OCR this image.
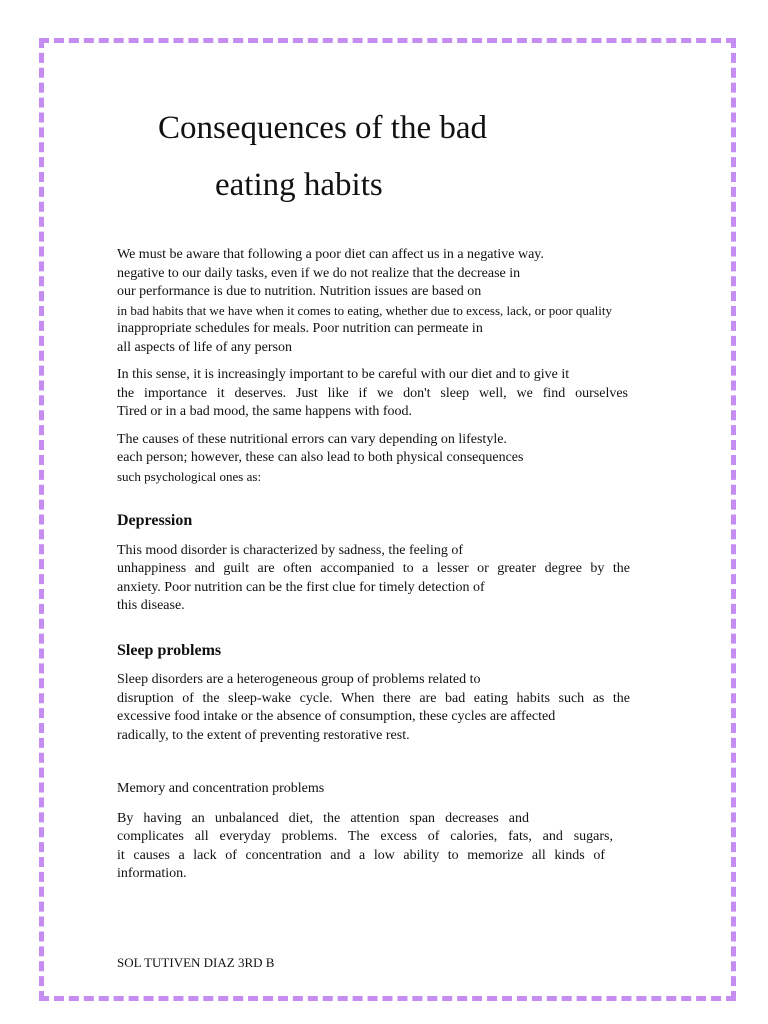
Consequences of the bad
eating habits

We must be aware that following a poor diet can affect us in a negative way.
negative to our daily tasks, even if we do not realize that the decrease in
our performance is due to nutrition. Nutrition issues are based on
in bad habits that we have when it comes to eating, whether due to excess, lack, or poor quality
inappropriate schedules for meals. Poor nutrition can permeate in
all aspects of life of any person

In this sense, it is increasingly important to be careful with our diet and to give it
the importance it deserves. Just like if we don't sleep well, we find ourselves
Tired or in a bad mood, the same happens with food.

The causes of these nutritional errors can vary depending on lifestyle.
each person; however, these can also lead to both physical consequences
such psychological ones as:

Depression

This mood disorder is characterized by sadness, the feeling of
unhappiness and guilt are often accompanied to a lesser or greater degree by the
anxiety. Poor nutrition can be the first clue for timely detection of
this disease.

Sleep problems

Sleep disorders are a heterogeneous group of problems related to
disruption of the sleep-wake cycle. When there are bad eating habits such as the
excessive food intake or the absence of consumption, these cycles are affected
radically, to the extent of preventing restorative rest.

Memory and concentration problems

By having an unbalanced diet, the attention span decreases and
complicates all everyday problems. The excess of calories, fats, and sugars,
it causes a lack of concentration and a low ability to memorize all kinds of
information.

SOL TUTIVEN DIAZ 3RD B
